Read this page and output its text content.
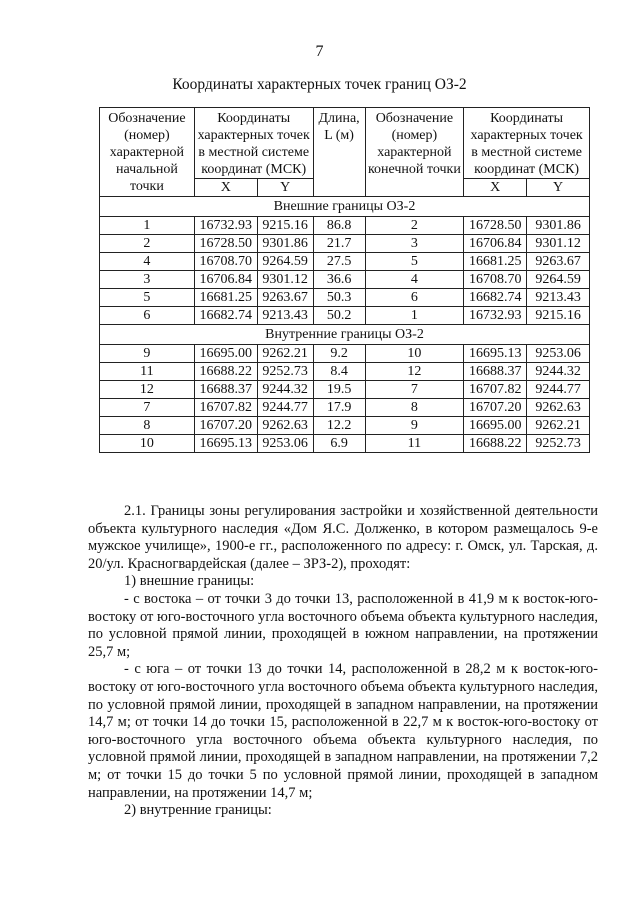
7
Координаты характерных точек границ ОЗ-2
Обозначение (номер) характерной начальной точки	Координаты характерных точек в местной системе координат (МСК)		Длина, L (м)	Обозначение (номер) характерной конечной точки	Координаты характерных точек в местной системе координат (МСК)	
	X	Y			X	Y
Внешние границы ОЗ-2						
1	16732.93	9215.16	86.8	2	16728.50	9301.86
2	16728.50	9301.86	21.7	3	16706.84	9301.12
4	16708.70	9264.59	27.5	5	16681.25	9263.67
3	16706.84	9301.12	36.6	4	16708.70	9264.59
5	16681.25	9263.67	50.3	6	16682.74	9213.43
6	16682.74	9213.43	50.2	1	16732.93	9215.16
Внутренние границы ОЗ-2						
9	16695.00	9262.21	9.2	10	16695.13	9253.06
11	16688.22	9252.73	8.4	12	16688.37	9244.32
12	16688.37	9244.32	19.5	7	16707.82	9244.77
7	16707.82	9244.77	17.9	8	16707.20	9262.63
8	16707.20	9262.63	12.2	9	16695.00	9262.21
10	16695.13	9253.06	6.9	11	16688.22	9252.73

2.1. Границы зоны регулирования застройки и хозяйственной деятельности объекта культурного наследия «Дом Я.С. Долженко, в котором размещалось 9-е мужское училище», 1900-е гг., расположенного по адресу: г. Омск, ул. Тарская, д. 20/ул. Красногвардейская (далее – ЗРЗ-2), проходят:

1) внешние границы:

- с востока – от точки 3 до точки 13, расположенной в 41,9 м к восток-юго-востоку от юго-восточного угла восточного объема объекта культурного наследия, по условной прямой линии, проходящей в южном направлении, на протяжении 25,7 м;

- с юга – от точки 13 до точки 14, расположенной в 28,2 м к восток-юго-востоку от юго-восточного угла восточного объема объекта культурного наследия, по условной прямой линии, проходящей в западном направлении, на протяжении 14,7 м; от точки 14 до точки 15, расположенной в 22,7 м к восток-юго-востоку от юго-восточного угла восточного объема объекта культурного наследия, по условной прямой линии, проходящей в западном направлении, на протяжении 7,2 м; от точки 15 до точки 5 по условной прямой линии, проходящей в западном направлении, на протяжении 14,7 м;

2) внутренние границы:
